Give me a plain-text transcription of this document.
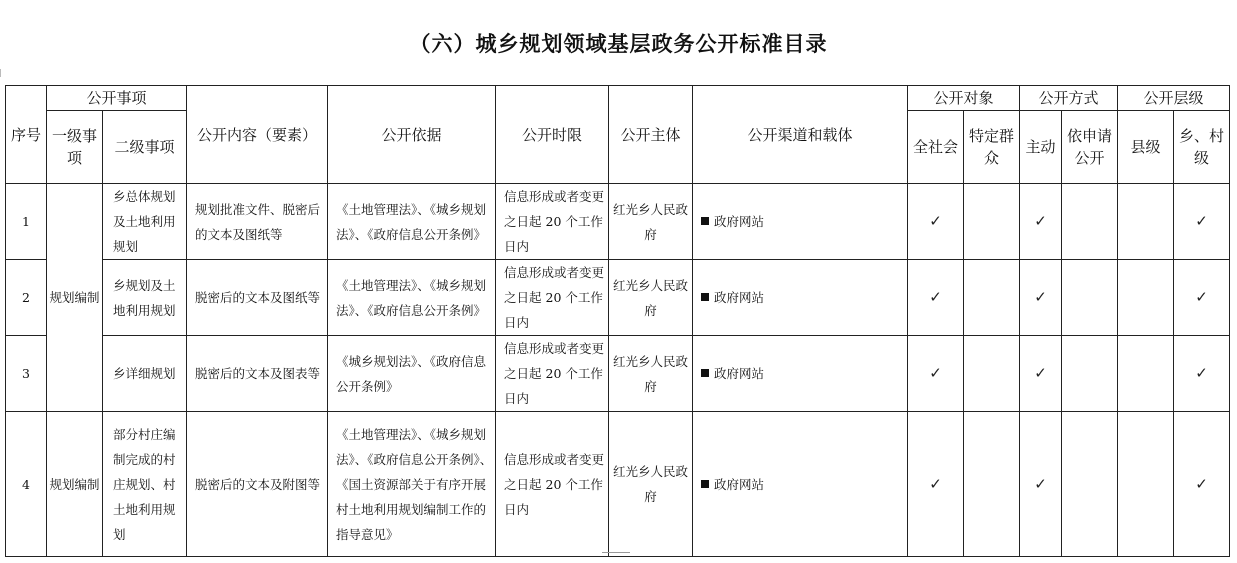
（六）城乡规划领域基层政务公开标准目录
序号	公开事项		公开内容（要素）	公开依据	公开时限	公开主体	公开渠道和载体	公开对象		公开方式		公开层级	
	一级事项	二级事项						全社会	特定群众	主动	依申请公开	县级	乡、村级
1	规划编制	乡总体规划及土地利用规划	规划批准文件、脱密后的文本及图纸等	《土地管理法》、《城乡规划法》、《政府信息公开条例》	信息形成或者变更之日起 20 个工作日内	红光乡人民政府	政府网站	✓		✓			✓
2		乡规划及土地利用规划	脱密后的文本及图纸等	《土地管理法》、《城乡规划法》、《政府信息公开条例》	信息形成或者变更之日起 20 个工作日内	红光乡人民政府	政府网站	✓		✓			✓
3		乡详细规划	脱密后的文本及图表等	《城乡规划法》、《政府信息公开条例》	信息形成或者变更之日起 20 个工作日内	红光乡人民政府	政府网站	✓		✓			✓
4	规划编制	部分村庄编制完成的村庄规划、村土地利用规划	脱密后的文本及附图等	《土地管理法》、《城乡规划法》、《政府信息公开条例》、《国土资源部关于有序开展村土地利用规划编制工作的指导意见》	信息形成或者变更之日起 20 个工作日内	红光乡人民政府	政府网站	✓		✓			✓
